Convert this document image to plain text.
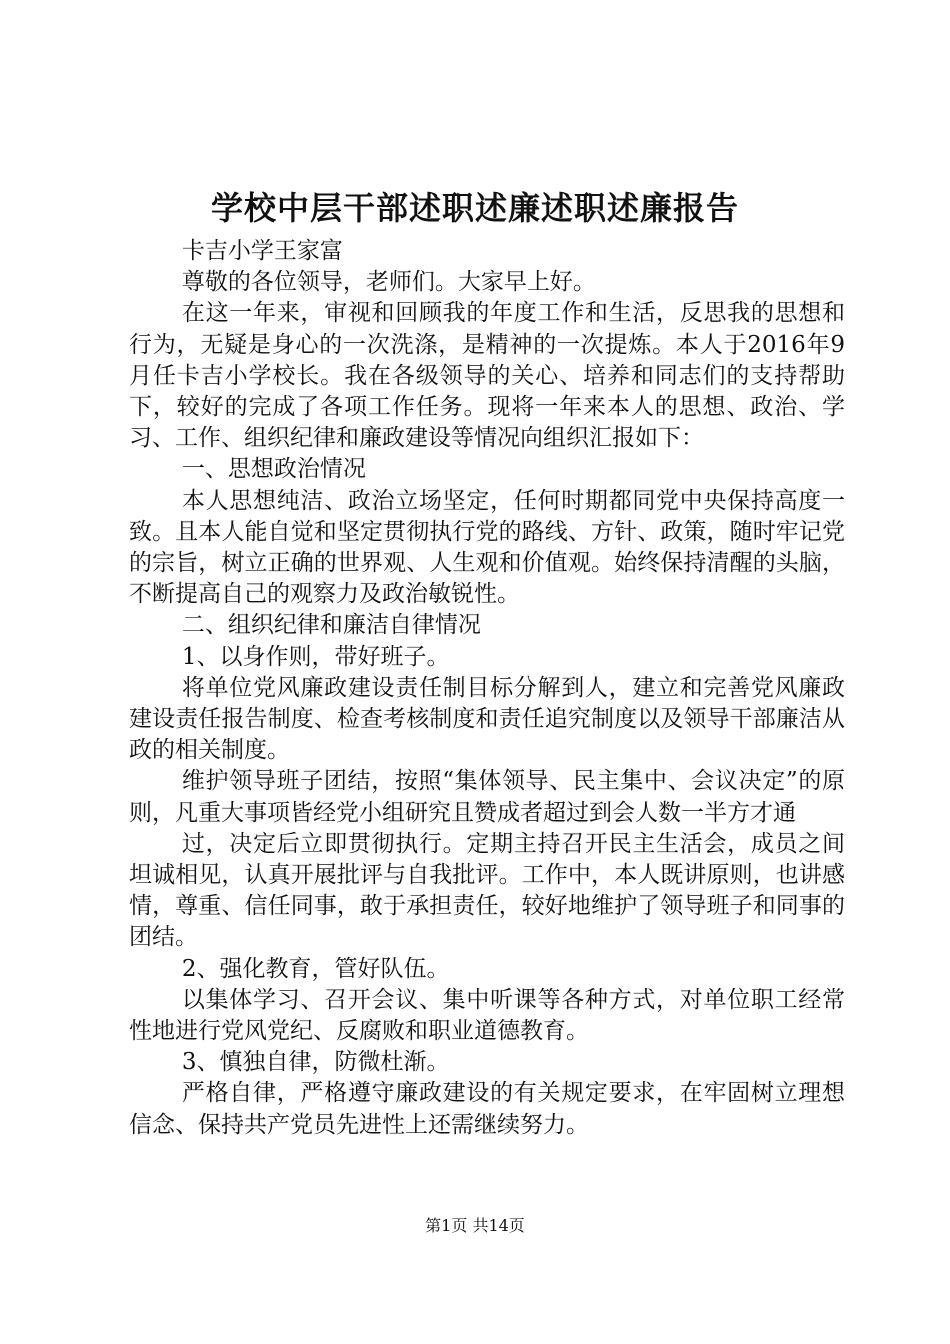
学校中层干部述职述廉述职述廉报告

卡吉小学王家富

尊敬的各位领导，老师们。大家早上好。

在这一年来，审视和回顾我的年度工作和生活，反思我的思想和行为，无疑是身心的一次洗涤，是精神的一次提炼。本人于2016年9月任卡吉小学校长。我在各级领导的关心、培养和同志们的支持帮助下，较好的完成了各项工作任务。现将一年来本人的思想、政治、学习、工作、组织纪律和廉政建设等情况向组织汇报如下：

一、思想政治情况

本人思想纯洁、政治立场坚定，任何时期都同党中央保持高度一致。且本人能自觉和坚定贯彻执行党的路线、方针、政策，随时牢记党的宗旨，树立正确的世界观、人生观和价值观。始终保持清醒的头脑，不断提高自己的观察力及政治敏锐性。

二、组织纪律和廉洁自律情况

1、以身作则，带好班子。

将单位党风廉政建设责任制目标分解到人，建立和完善党风廉政建设责任报告制度、检查考核制度和责任追究制度以及领导干部廉洁从政的相关制度。

维护领导班子团结，按照“集体领导、民主集中、会议决定”的原则，凡重大事项皆经党小组研究且赞成者超过到会人数一半方才通

过，决定后立即贯彻执行。定期主持召开民主生活会，成员之间坦诚相见，认真开展批评与自我批评。工作中，本人既讲原则，也讲感情，尊重、信任同事，敢于承担责任，较好地维护了领导班子和同事的团结。

2、强化教育，管好队伍。

以集体学习、召开会议、集中听课等各种方式，对单位职工经常性地进行党风党纪、反腐败和职业道德教育。

3、慎独自律，防微杜渐。

严格自律，严格遵守廉政建设的有关规定要求，在牢固树立理想信念、保持共产党员先进性上还需继续努力。

第1页 共14页
